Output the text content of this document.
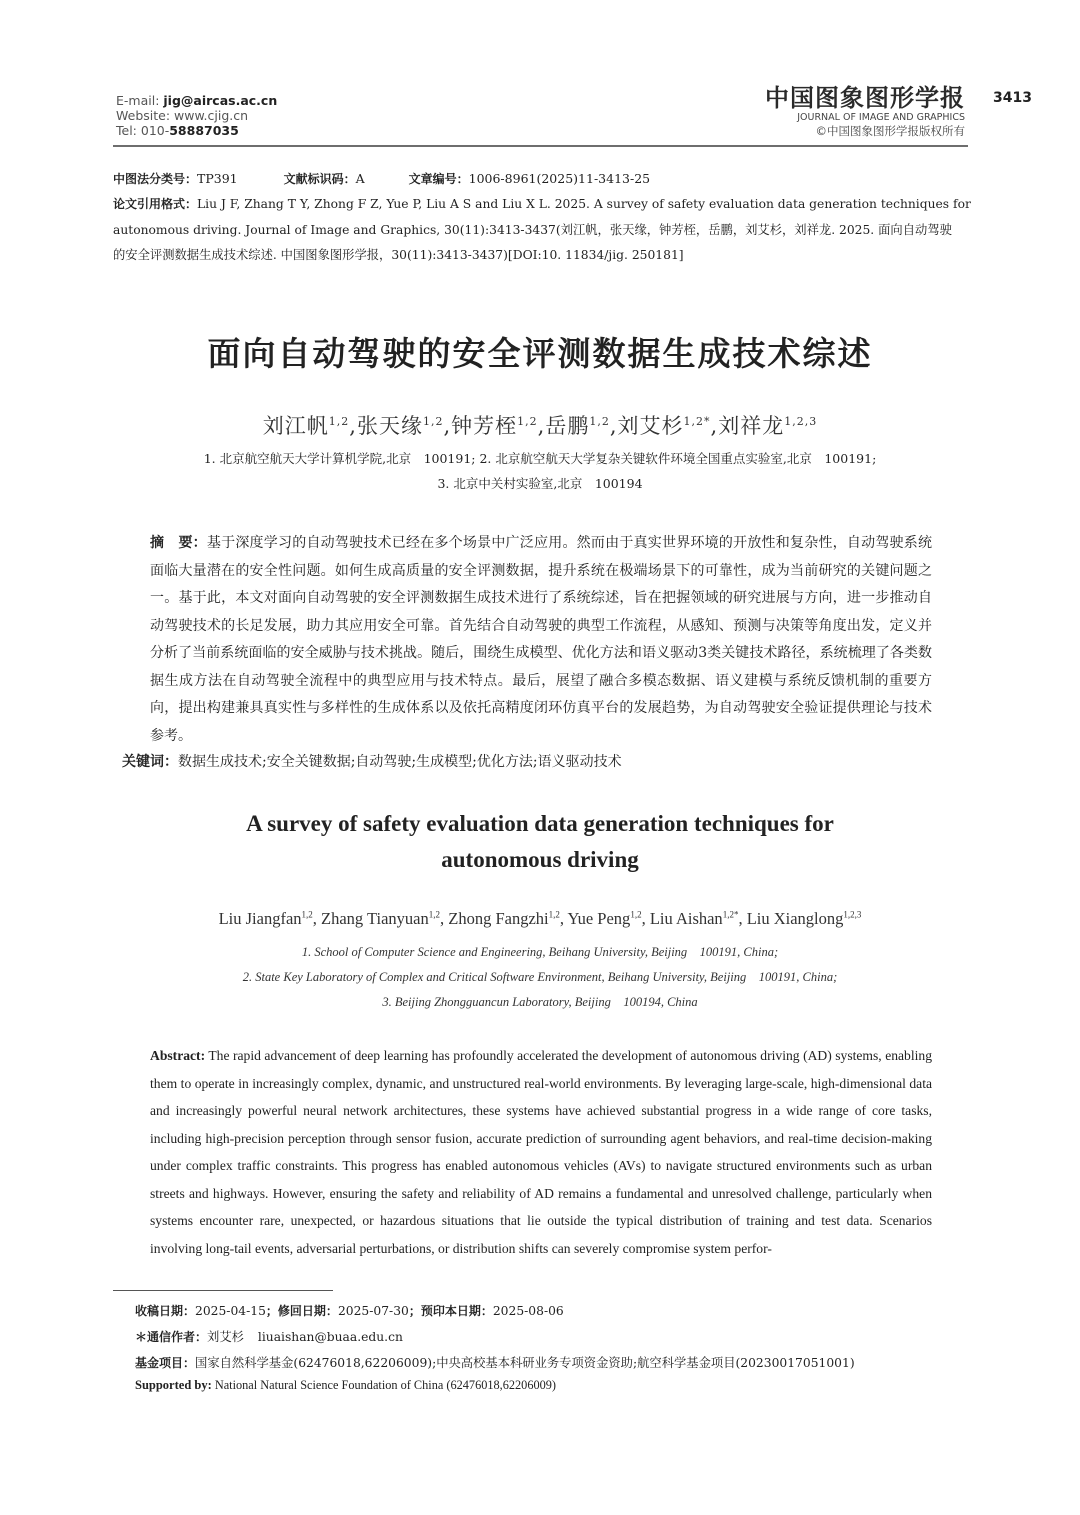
E-mail: jig@aircas.ac.cn
Website: www.cjig.cn
Tel: 010-58887035
中国图象图形学报
JOURNAL OF IMAGE AND GRAPHICS
©中国图象图形学报版权所有
3413
中图法分类号：TP391	文献标识码：A	文章编号：1006-8961(2025)11-3413-25
论文引用格式：Liu J F, Zhang T Y, Zhong F Z, Yue P, Liu A S and Liu X L. 2025. A survey of safety evaluation data generation techniques for
autonomous driving. Journal of Image and Graphics, 30(11):3413-3437(刘江帆，张天缘，钟芳桎，岳鹏，刘艾杉，刘祥龙. 2025. 面向自动驾驶
的安全评测数据生成技术综述. 中国图象图形学报，30(11):3413-3437)[DOI:10. 11834/jig. 250181]
面向自动驾驶的安全评测数据生成技术综述
刘江帆$^{1,2}$,张天缘$^{1,2}$,钟芳桎$^{1,2}$,岳鹏$^{1,2}$,刘艾杉$^{1,2*}$,刘祥龙$^{1,2,3}$
1. 北京航空航天大学计算机学院,北京　100191; 2. 北京航空航天大学复杂关键软件环境全国重点实验室,北京　100191;
3. 北京中关村实验室,北京　100194
摘　要：基于深度学习的自动驾驶技术已经在多个场景中广泛应用。然而由于真实世界环境的开放性和复杂性，自动驾驶系统面临大量潜在的安全性问题。如何生成高质量的安全评测数据，提升系统在极端场景下的可靠性，成为当前研究的关键问题之一。基于此，本文对面向自动驾驶的安全评测数据生成技术进行了系统综述，旨在把握领域的研究进展与方向，进一步推动自动驾驶技术的长足发展，助力其应用安全可靠。首先结合自动驾驶的典型工作流程，从感知、预测与决策等角度出发，定义并分析了当前系统面临的安全威胁与技术挑战。随后，围绕生成模型、优化方法和语义驱动3类关键技术路径，系统梳理了各类数据生成方法在自动驾驶全流程中的典型应用与技术特点。最后，展望了融合多模态数据、语义建模与系统反馈机制的重要方向，提出构建兼具真实性与多样性的生成体系以及依托高精度闭环仿真平台的发展趋势，为自动驾驶安全验证提供理论与技术参考。
关键词：数据生成技术;安全关键数据;自动驾驶;生成模型;优化方法;语义驱动技术
A survey of safety evaluation data generation techniques for
autonomous driving
Liu Jiangfan$^{1,2}$, Zhang Tianyuan$^{1,2}$, Zhong Fangzhi$^{1,2}$, Yue Peng$^{1,2}$, Liu Aishan$^{1,2*}$, Liu Xianglong$^{1,2,3}$
1. School of Computer Science and Engineering, Beihang University, Beijing　100191, China;
2. State Key Laboratory of Complex and Critical Software Environment, Beihang University, Beijing　100191, China;
3. Beijing Zhongguancun Laboratory, Beijing　100194, China
Abstract: The rapid advancement of deep learning has profoundly accelerated the development of autonomous driving (AD) systems, enabling them to operate in increasingly complex, dynamic, and unstructured real-world environments. By leveraging large-scale, high-dimensional data and increasingly powerful neural network architectures, these systems have achieved substantial progress in a wide range of core tasks, including high-precision perception through sensor fusion, accurate prediction of surrounding agent behaviors, and real-time decision-making under complex traffic constraints. This progress has enabled autonomous vehicles (AVs) to navigate structured environments such as urban streets and highways. However, ensuring the safety and reliability of AD remains a fundamental and unresolved challenge, particularly when systems encounter rare, unexpected, or hazardous situations that lie outside the typical distribution of training and test data. Scenarios involving long-tail events, adversarial perturbations, or distribution shifts can severely compromise system perfor-
收稿日期：2025-04-15；修回日期：2025-07-30；预印本日期：2025-08-06
＊通信作者：刘艾杉 liuaishan@buaa.edu.cn
基金项目：国家自然科学基金(62476018,62206009);中央高校基本科研业务专项资金资助;航空科学基金项目(20230017051001)
Supported by: National Natural Science Foundation of China (62476018,62206009)
